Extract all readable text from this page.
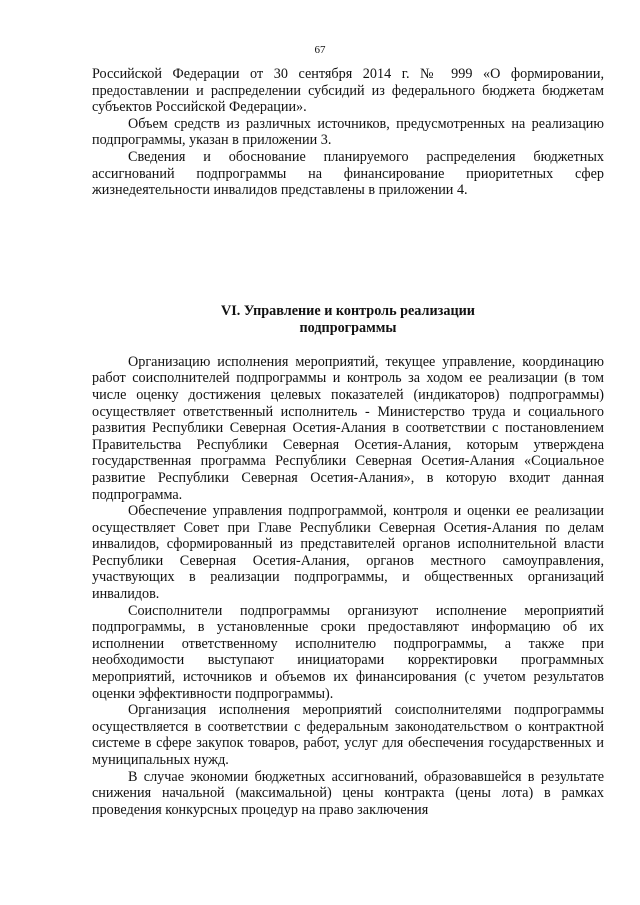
67

Российской Федерации от 30 сентября 2014 г. № 999 «О формировании, предоставлении и распределении субсидий из федерального бюджета бюджетам субъектов Российской Федерации».

Объем средств из различных источников, предусмотренных на реализацию подпрограммы, указан в приложении 3.

Сведения и обоснование планируемого распределения бюджетных ассигнований подпрограммы на финансирование приоритетных сфер жизнедеятельности инвалидов представлены в приложении 4.

VI. Управление и контроль реализации
подпрограммы

Организацию исполнения мероприятий, текущее управление, координацию работ соисполнителей подпрограммы и контроль за ходом ее реализации (в том числе оценку достижения целевых показателей (индикаторов) подпрограммы) осуществляет ответственный исполнитель - Министерство труда и социального развития Республики Северная Осетия-Алания в соответствии с постановлением Правительства Республики Северная Осетия-Алания, которым утверждена государственная программа Республики Северная Осетия-Алания «Социальное развитие Республики Северная Осетия-Алания», в которую входит данная подпрограмма.

Обеспечение управления подпрограммой, контроля и оценки ее реализации осуществляет Совет при Главе Республики Северная Осетия-Алания по делам инвалидов, сформированный из представителей органов исполнительной власти Республики Северная Осетия-Алания, органов местного самоуправления, участвующих в реализации подпрограммы, и общественных организаций инвалидов.

Соисполнители подпрограммы организуют исполнение мероприятий подпрограммы, в установленные сроки предоставляют информацию об их исполнении ответственному исполнителю подпрограммы, а также при необходимости выступают инициаторами корректировки программных мероприятий, источников и объемов их финансирования (с учетом результатов оценки эффективности подпрограммы).

Организация исполнения мероприятий соисполнителями подпрограммы осуществляется в соответствии с федеральным законодательством о контрактной системе в сфере закупок товаров, работ, услуг для обеспечения государственных и муниципальных нужд.

В случае экономии бюджетных ассигнований, образовавшейся в результате снижения начальной (максимальной) цены контракта (цены лота) в рамках проведения конкурсных процедур на право заключения
